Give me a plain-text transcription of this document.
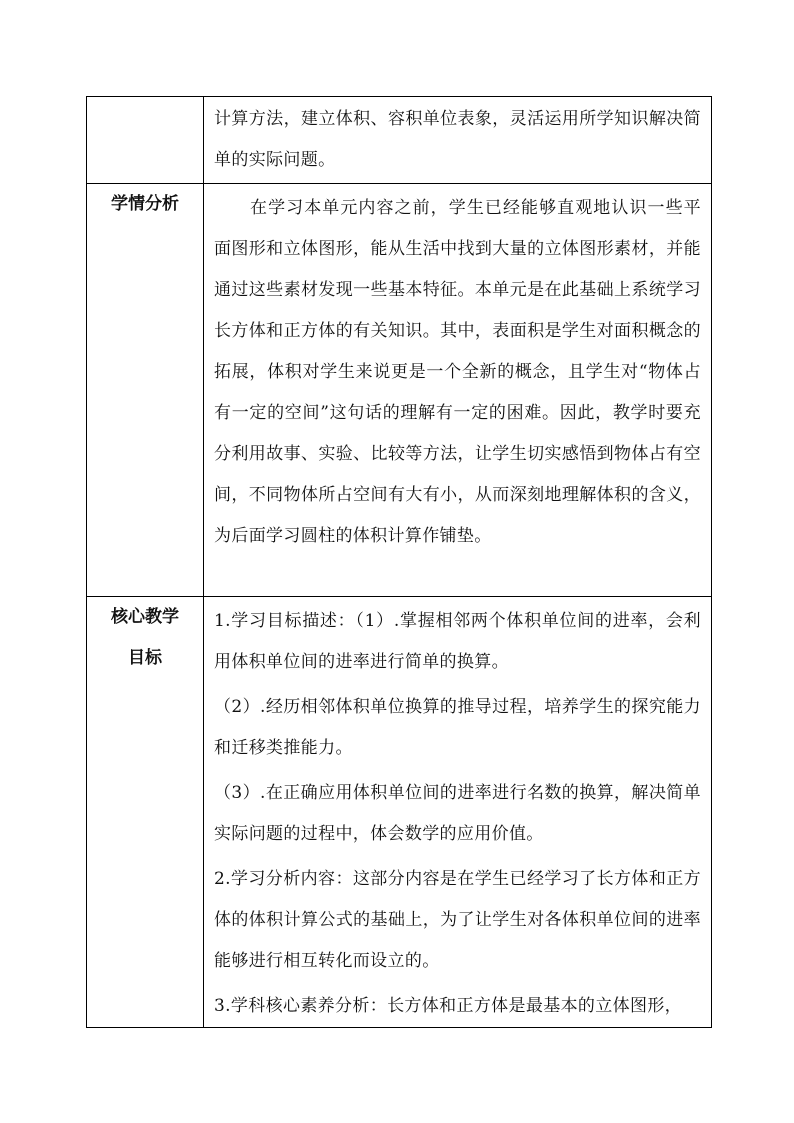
	计算方法，建立体积、容积单位表象，灵活运用所学知识解决简单的实际问题。

学情分析	在学习本单元内容之前，学生已经能够直观地认识一些平面图形和立体图形，能从生活中找到大量的立体图形素材，并能通过这些素材发现一些基本特征。本单元是在此基础上系统学习长方体和正方体的有关知识。其中，表面积是学生对面积概念的拓展，体积对学生来说更是一个全新的概念，且学生对“物体占有一定的空间”这句话的理解有一定的困难。因此，教学时要充分利用故事、实验、比较等方法，让学生切实感悟到物体占有空间，不同物体所占空间有大有小，从而深刻地理解体积的含义，为后面学习圆柱的体积计算作铺垫。

核心教学目标	1.学习目标描述：（1）.掌握相邻两个体积单位间的进率，会利用体积单位间的进率进行简单的换算。

（2）.经历相邻体积单位换算的推导过程，培养学生的探究能力和迁移类推能力。

（3）.在正确应用体积单位间的进率进行名数的换算，解决简单实际问题的过程中，体会数学的应用价值。

2.学习分析内容：这部分内容是在学生已经学习了长方体和正方体的体积计算公式的基础上，为了让学生对各体积单位间的进率能够进行相互转化而设立的。

3.学科核心素养分析：长方体和正方体是最基本的立体图形，
